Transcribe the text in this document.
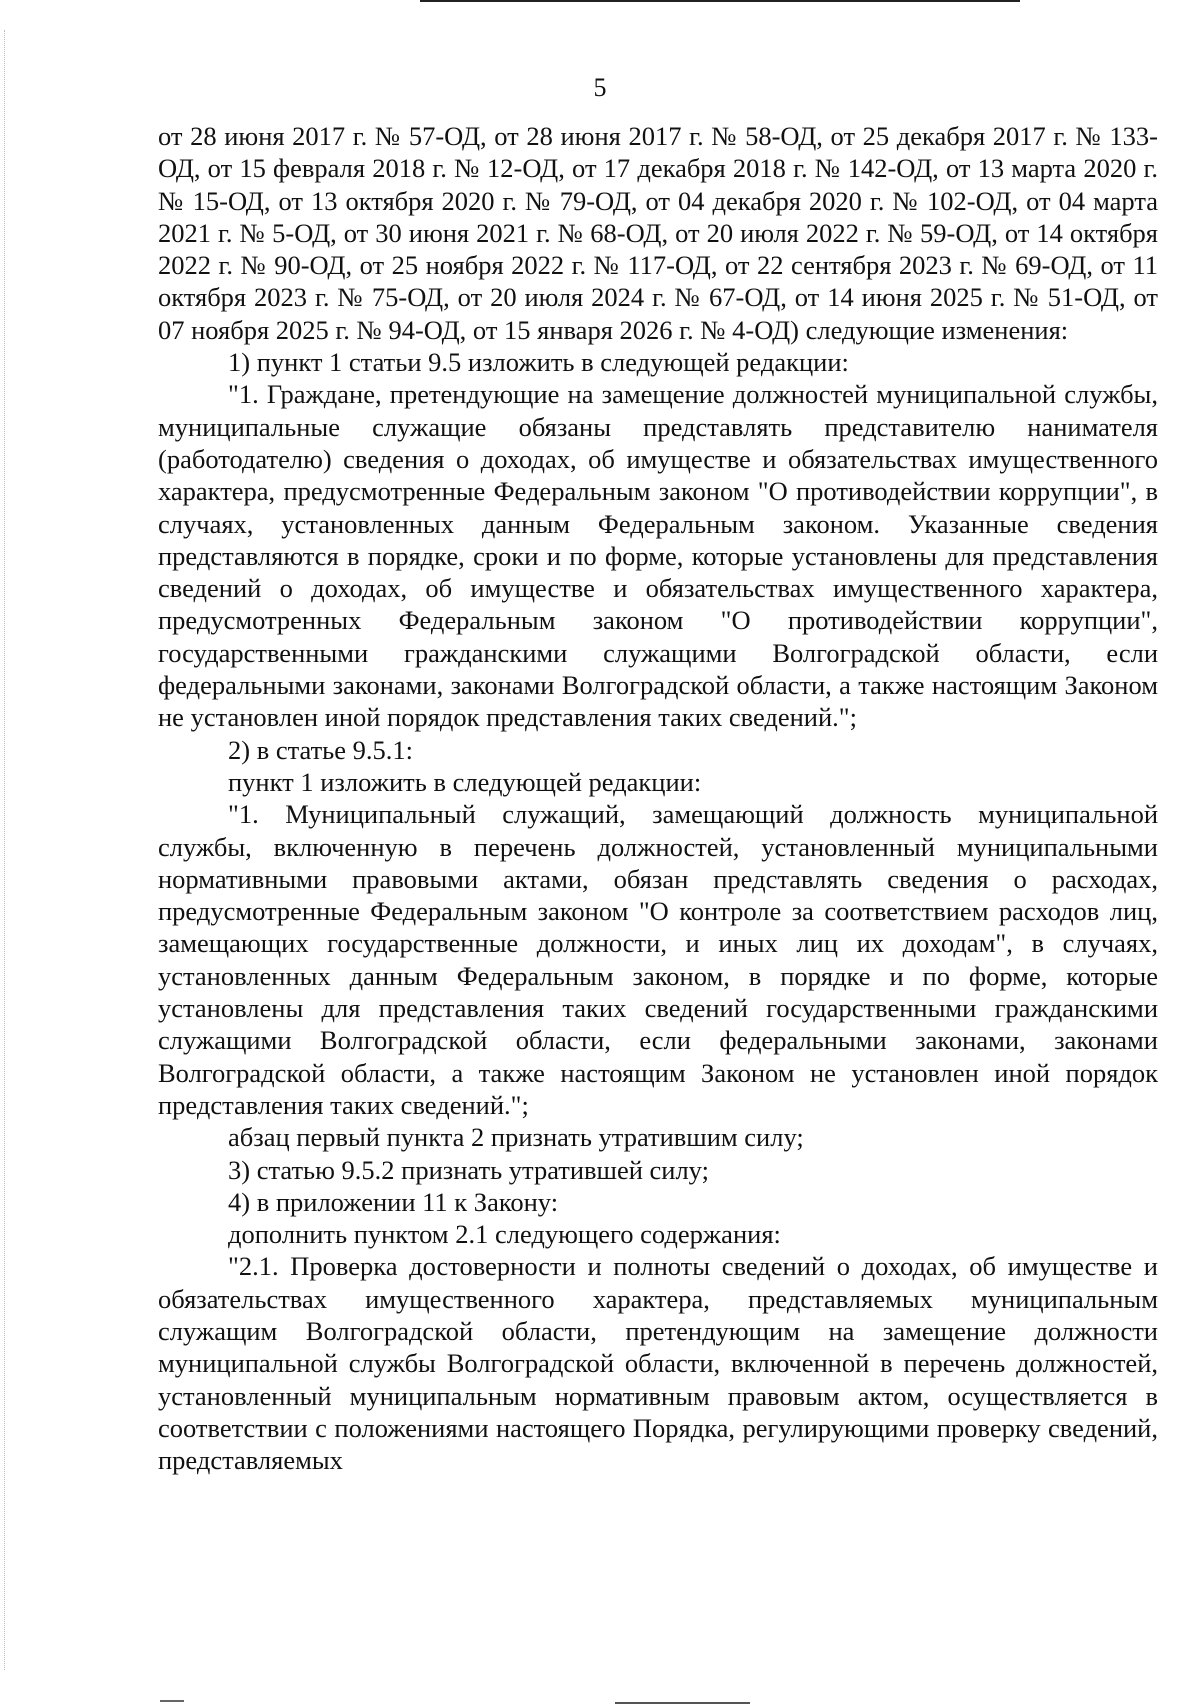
5

от 28 июня 2017 г. № 57-ОД, от 28 июня 2017 г. № 58-ОД, от 25 декабря 2017 г. № 133-ОД, от 15 февраля 2018 г. № 12-ОД, от 17 декабря 2018 г. № 142-ОД, от 13 марта 2020 г. № 15-ОД, от 13 октября 2020 г. № 79-ОД, от 04 декабря 2020 г. № 102-ОД, от 04 марта 2021 г. № 5-ОД, от 30 июня 2021 г. № 68-ОД, от 20 июля 2022 г. № 59-ОД, от 14 октября 2022 г. № 90-ОД, от 25 ноября 2022 г. № 117-ОД, от 22 сентября 2023 г. № 69-ОД, от 11 октября 2023 г. № 75-ОД, от 20 июля 2024 г. № 67-ОД, от 14 июня 2025 г. № 51-ОД, от 07 ноября 2025 г. № 94-ОД, от 15 января 2026 г. № 4-ОД) следующие изменения:

1) пункт 1 статьи 9.5 изложить в следующей редакции:

"1. Граждане, претендующие на замещение должностей муниципальной службы, муниципальные служащие обязаны представлять представителю нанимателя (работодателю) сведения о доходах, об имуществе и обязательствах имущественного характера, предусмотренные Федеральным законом "О противодействии коррупции", в случаях, установленных данным Федеральным законом. Указанные сведения представляются в порядке, сроки и по форме, которые установлены для представления сведений о доходах, об имуществе и обязательствах имущественного характера, предусмотренных Федеральным законом "О противодействии коррупции", государственными гражданскими служащими Волгоградской области, если федеральными законами, законами Волгоградской области, а также настоящим Законом не установлен иной порядок представления таких сведений.";

2) в статье 9.5.1:

пункт 1 изложить в следующей редакции:

"1. Муниципальный служащий, замещающий должность муниципальной службы, включенную в перечень должностей, установленный муниципальными нормативными правовыми актами, обязан представлять сведения о расходах, предусмотренные Федеральным законом "О контроле за соответствием расходов лиц, замещающих государственные должности, и иных лиц их доходам", в случаях, установленных данным Федеральным законом, в порядке и по форме, которые установлены для представления таких сведений государственными гражданскими служащими Волгоградской области, если федеральными законами, законами Волгоградской области, а также настоящим Законом не установлен иной порядок представления таких сведений.";

абзац первый пункта 2 признать утратившим силу;

3) статью 9.5.2 признать утратившей силу;

4) в приложении 11 к Закону:

дополнить пунктом 2.1 следующего содержания:

"2.1. Проверка достоверности и полноты сведений о доходах, об имуществе и обязательствах имущественного характера, представляемых муниципальным служащим Волгоградской области, претендующим на замещение должности муниципальной службы Волгоградской области, включенной в перечень должностей, установленный муниципальным нормативным правовым актом, осуществляется в соответствии с положениями настоящего Порядка, регулирующими проверку сведений, представляемых
